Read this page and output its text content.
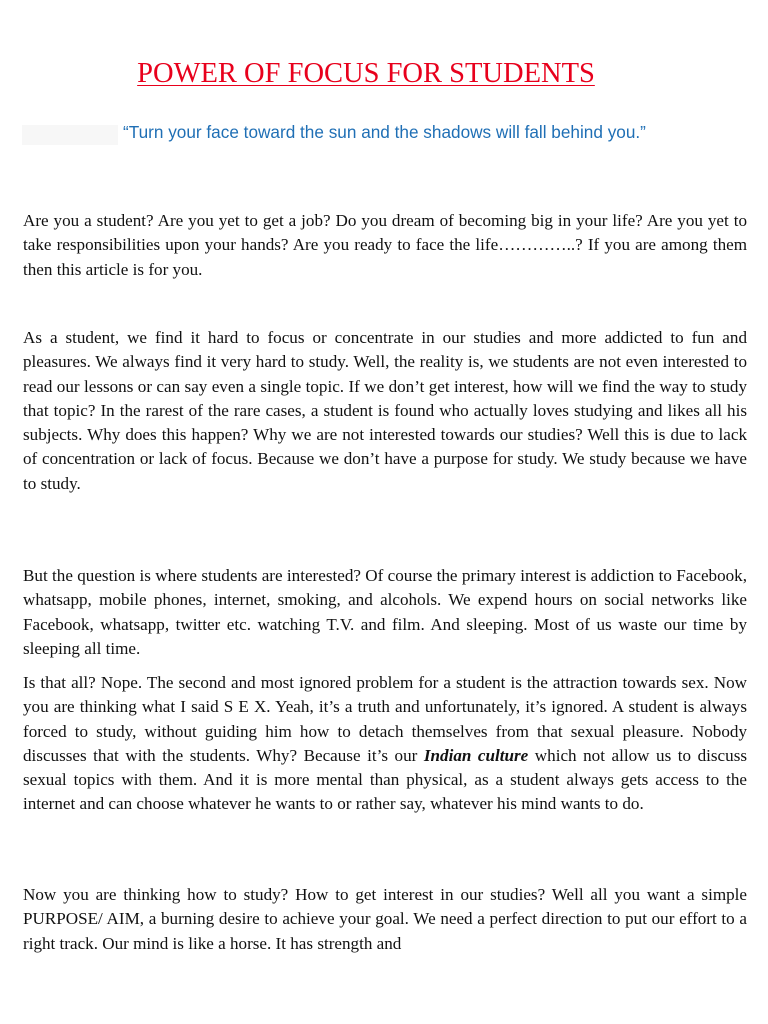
POWER OF FOCUS FOR STUDENTS

“Turn your face toward the sun and the shadows will fall behind you.”

Are you a student? Are you yet to get a job? Do you dream of becoming big in your life? Are you yet to take responsibilities upon your hands? Are you ready to face the life…………..? If you are among them then this article is for you.

As a student, we find it hard to focus or concentrate in our studies and more addicted to fun and pleasures. We always find it very hard to study. Well, the reality is, we students are not even interested to read our lessons or can say even a single topic. If we don’t get interest, how will we find the way to study that topic? In the rarest of the rare cases, a student is found who actually loves studying and likes all his subjects. Why does this happen? Why we are not interested towards our studies? Well this is due to lack of concentration or lack of focus. Because we don’t have a purpose for study. We study because we have to study.

But the question is where students are interested? Of course the primary interest is addiction to Facebook, whatsapp, mobile phones, internet, smoking, and alcohols. We expend hours on social networks like Facebook, whatsapp, twitter etc. watching T.V. and film. And sleeping. Most of us waste our time by sleeping all time.

Is that all? Nope. The second and most ignored problem for a student is the attraction towards sex. Now you are thinking what I said S E X. Yeah, it’s a truth and unfortunately, it’s ignored. A student is always forced to study, without guiding him how to detach themselves from that sexual pleasure. Nobody discusses that with the students. Why? Because it’s our Indian culture which not allow us to discuss sexual topics with them. And it is more mental than physical, as a student always gets access to the internet and can choose whatever he wants to or rather say, whatever his mind wants to do.

Now you are thinking how to study? How to get interest in our studies? Well all you want a simple PURPOSE/ AIM, a burning desire to achieve your goal. We need a perfect direction to put our effort to a right track. Our mind is like a horse. It has strength and
